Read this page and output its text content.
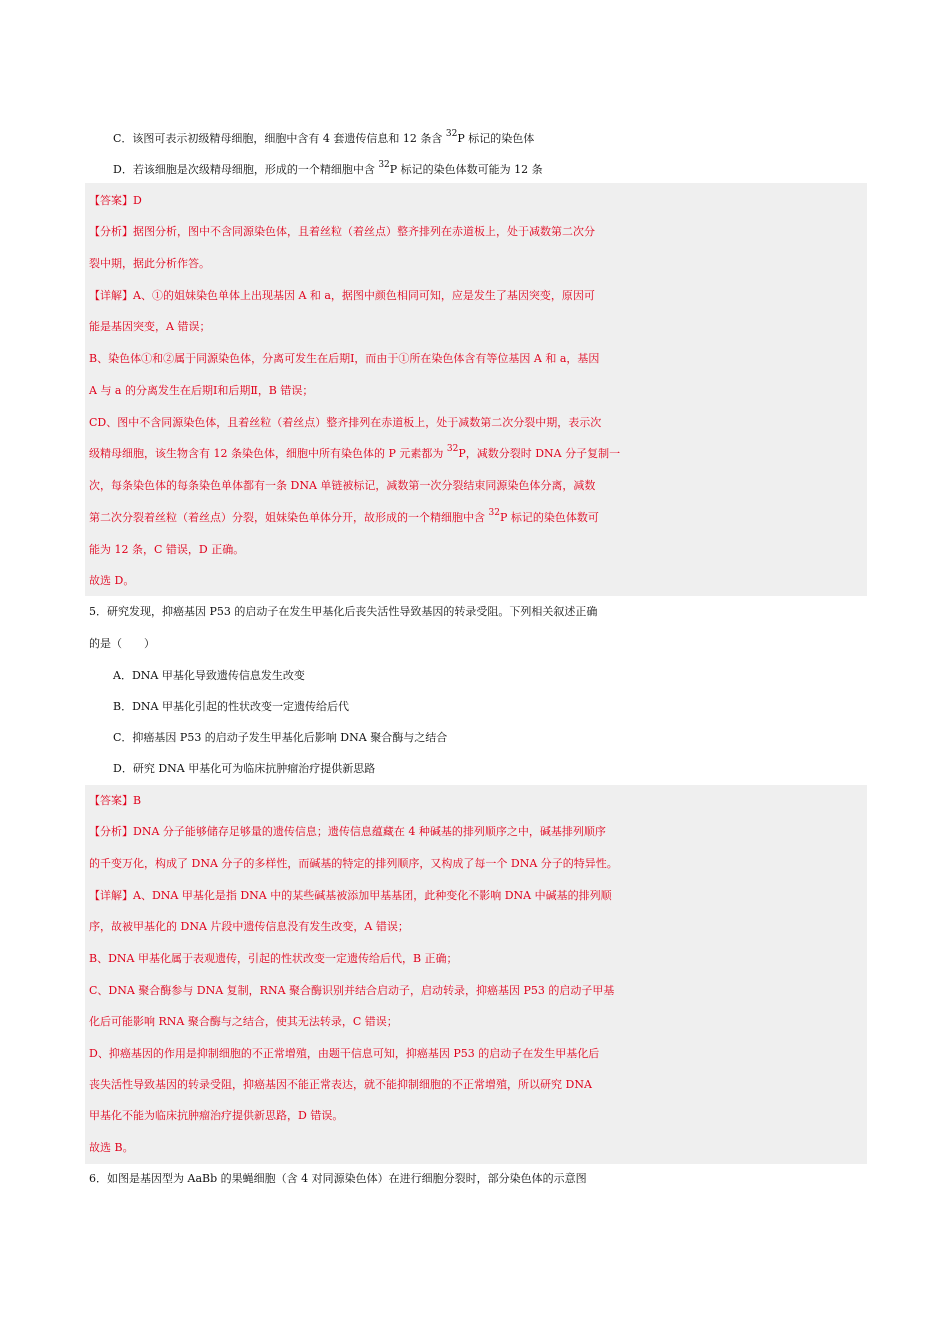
C．该图可表示初级精母细胞，细胞中含有 4 套遗传信息和 12 条含 $^{32}$P 标记的染色体
D．若该细胞是次级精母细胞，形成的一个精细胞中含 $^{32}$P 标记的染色体数可能为 12 条
【答案】D
【分析】据图分析，图中不含同源染色体，且着丝粒（着丝点）整齐排列在赤道板上，处于减数第二次分
裂中期，据此分析作答。
【详解】A、①的姐妹染色单体上出现基因 A 和 a，据图中颜色相同可知，应是发生了基因突变，原因可
能是基因突变，A 错误；
B、染色体①和②属于同源染色体，分离可发生在后期Ⅰ，而由于①所在染色体含有等位基因 A 和 a，基因
A 与 a 的分离发生在后期Ⅰ和后期Ⅱ，B 错误；
CD、图中不含同源染色体，且着丝粒（着丝点）整齐排列在赤道板上，处于减数第二次分裂中期，表示次
级精母细胞，该生物含有 12 条染色体，细胞中所有染色体的 P 元素都为 $^{32}$P，减数分裂时 DNA 分子复制一
次，每条染色体的每条染色单体都有一条 DNA 单链被标记，减数第一次分裂结束同源染色体分离，减数
第二次分裂着丝粒（着丝点）分裂，姐妹染色单体分开，故形成的一个精细胞中含 $^{32}$P 标记的染色体数可
能为 12 条，C 错误，D 正确。
故选 D。
5．研究发现，抑癌基因 P53 的启动子在发生甲基化后丧失活性导致基因的转录受阻。下列相关叙述正确
的是（　　）
A．DNA 甲基化导致遗传信息发生改变
B．DNA 甲基化引起的性状改变一定遗传给后代
C．抑癌基因 P53 的启动子发生甲基化后影响 DNA 聚合酶与之结合
D．研究 DNA 甲基化可为临床抗肿瘤治疗提供新思路
【答案】B
【分析】DNA 分子能够储存足够量的遗传信息；遗传信息蕴藏在 4 种碱基的排列顺序之中，碱基排列顺序
的千变万化，构成了 DNA 分子的多样性，而碱基的特定的排列顺序，又构成了每一个 DNA 分子的特异性。
【详解】A、DNA 甲基化是指 DNA 中的某些碱基被添加甲基基团，此种变化不影响 DNA 中碱基的排列顺
序，故被甲基化的 DNA 片段中遗传信息没有发生改变，A 错误；
B、DNA 甲基化属于表观遗传，引起的性状改变一定遗传给后代，B 正确；
C、DNA 聚合酶参与 DNA 复制，RNA 聚合酶识别并结合启动子，启动转录，抑癌基因 P53 的启动子甲基
化后可能影响 RNA 聚合酶与之结合，使其无法转录，C 错误；
D、抑癌基因的作用是抑制细胞的不正常增殖，由题干信息可知，抑癌基因 P53 的启动子在发生甲基化后
丧失活性导致基因的转录受阻，抑癌基因不能正常表达，就不能抑制细胞的不正常增殖，所以研究 DNA
甲基化不能为临床抗肿瘤治疗提供新思路，D 错误。
故选 B。
6．如图是基因型为 AaBb 的果蝇细胞（含 4 对同源染色体）在进行细胞分裂时，部分染色体的示意图
